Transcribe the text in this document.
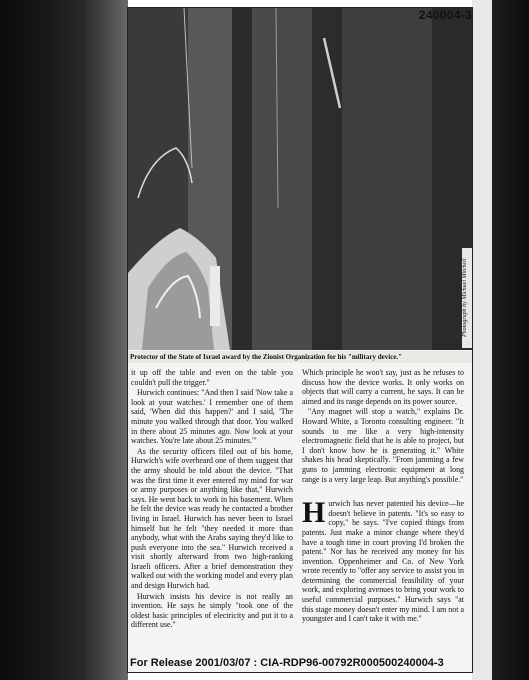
240004-3
Photograph by Michael Mitchell
Protector of the State of Israel award by the Zionist Organization for his "military device."

it up off the table and even on the table you couldn't pull the trigger."

Hurwich continues: "And then I said 'Now take a look at your watches.' I remember one of them said, 'When did this happen?' and I said, 'The minute you walked through that door. You walked in there about 25 minutes ago. Now look at your watches. You're late about 25 minutes.'"

As the security officers filed out of his home, Hurwich's wife overheard one of them suggest that the army should be told about the device. "That was the first time it ever entered my mind for war or army purposes or anything like that," Hurwich says. He went back to work in his basement. When he felt the device was ready he contacted a brother living in Israel. Hurwich has never been to Israel himself but he felt "they needed it more than anybody, what with the Arabs saying they'd like to push everyone into the sea." Hurwich received a visit shortly afterward from two high-ranking Israeli officers. After a brief demonstration they walked out with the working model and every plan and design Hurwich had.

Hurwich insists his device is not really an invention. He says he simply "took one of the oldest basic principles of electricity and put it to a different use."

Which principle he won't say, just as he refuses to discuss how the device works. It only works on objects that will carry a current, he says. It can be aimed and its range depends on its power source.

"Any magnet will stop a watch," explains Dr. Howard White, a Toronto consulting engineer. "It sounds to me like a very high-intensity electromagnetic field that he is able to project, but I don't know how he is generating it." White shakes his head skeptically. "From jamming a few guns to jamming electronic equipment at long range is a very large leap. But anything's possible."

Hurwich has never patented his device—he doesn't believe in patents. "It's so easy to copy," he says. "I've copied things from patents. Just make a minor change where they'd have a tough time in court proving I'd broken the patent." Nor has he received any money for his invention. Oppenheimer and Co. of New York wrote recently to "offer any service to assist you in determining the commercial feasibility of your work, and exploring avenues to bring your work to useful commercial purposes." Hurwich says "at this stage money doesn't enter my mind. I am not a youngster and I can't take it with me."

For Release 2001/03/07 : CIA-RDP96-00792R000500240004-3
